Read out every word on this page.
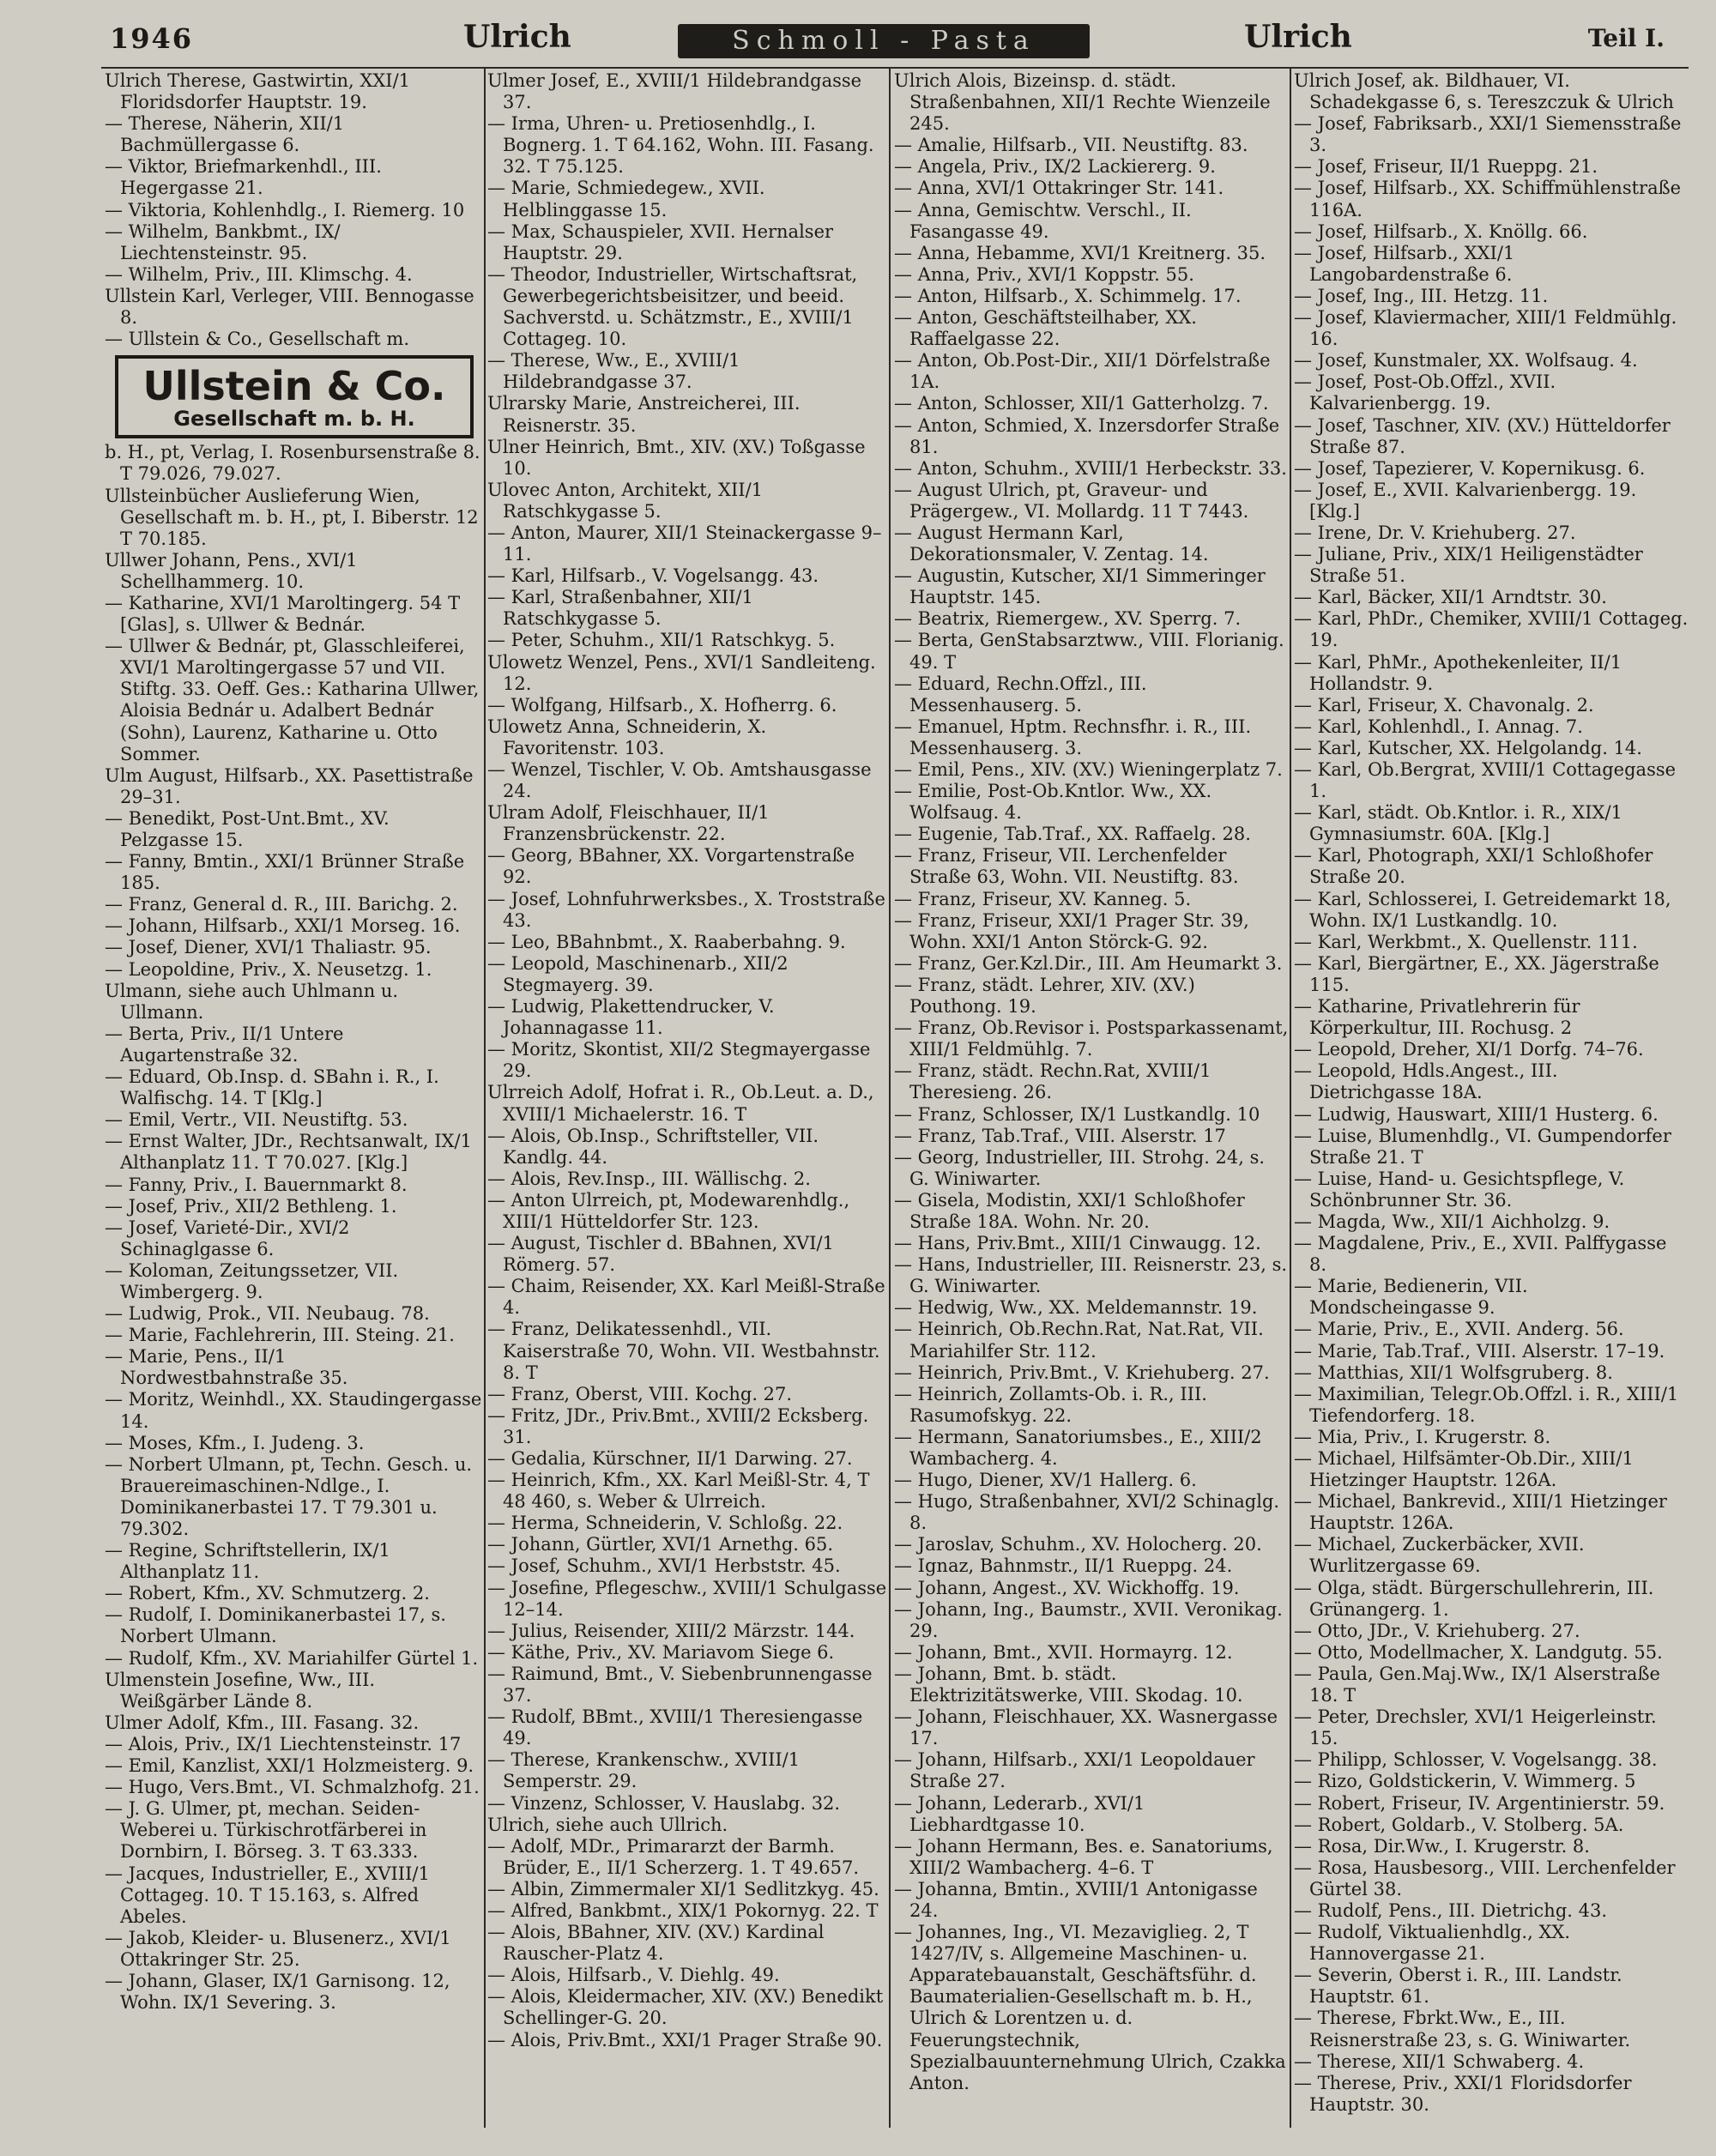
1946	Ulrich	Schmoll - Pasta	Ulrich	Teil I.
Ulrich Therese, Gastwirtin, XXI/1 Floridsdorfer Hauptstr. 19.
— Therese, Näherin, XII/1 Bachmüllergasse 6.
— Viktor, Briefmarkenhdl., III. Hegergasse 21.
— Viktoria, Kohlenhdlg., I. Riemerg. 10
— Wilhelm, Bankbmt., IX/ Liechtensteinstr. 95.
— Wilhelm, Priv., III. Klimschg. 4.
Ullstein Karl, Verleger, VIII. Bennogasse 8.
— Ullstein & Co., Gesellschaft m.
Ullstein & Co.
Gesellschaft m. b. H.
b. H., pt, Verlag, I. Rosenbursenstraße 8. T 79.026, 79.027.
Ullsteinbücher Auslieferung Wien, Gesellschaft m. b. H., pt, I. Biberstr. 12 T 70.185.
Ullwer Johann, Pens., XVI/1 Schellhammerg. 10.
— Katharine, XVI/1 Maroltingerg. 54 T [Glas], s. Ullwer & Bednár.
— Ullwer & Bednár, pt, Glasschleiferei, XVI/1 Maroltingergasse 57 und VII. Stiftg. 33. Oeff. Ges.: Katharina Ullwer, Aloisia Bednár u. Adalbert Bednár (Sohn), Laurenz, Katharine u. Otto Sommer.
Ulm August, Hilfsarb., XX. Pasettistraße 29–31.
— Benedikt, Post-Unt.Bmt., XV. Pelzgasse 15.
— Fanny, Bmtin., XXI/1 Brünner Straße 185.
— Franz, General d. R., III. Barichg. 2.
— Johann, Hilfsarb., XXI/1 Morseg. 16.
— Josef, Diener, XVI/1 Thaliastr. 95.
— Leopoldine, Priv., X. Neusetzg. 1.
Ulmann, siehe auch Uhlmann u. Ullmann.
— Berta, Priv., II/1 Untere Augartenstraße 32.
— Eduard, Ob.Insp. d. SBahn i. R., I. Walfischg. 14. T [Klg.]
— Emil, Vertr., VII. Neustiftg. 53.
— Ernst Walter, JDr., Rechtsanwalt, IX/1 Althanplatz 11. T 70.027. [Klg.]
— Fanny, Priv., I. Bauernmarkt 8.
— Josef, Priv., XII/2 Bethleng. 1.
— Josef, Varieté-Dir., XVI/2 Schinaglgasse 6.
— Koloman, Zeitungssetzer, VII. Wimbergerg. 9.
— Ludwig, Prok., VII. Neubaug. 78.
— Marie, Fachlehrerin, III. Steing. 21.
— Marie, Pens., II/1 Nordwestbahnstraße 35.
— Moritz, Weinhdl., XX. Staudingergasse 14.
— Moses, Kfm., I. Judeng. 3.
— Norbert Ulmann, pt, Techn. Gesch. u. Brauereimaschinen-Ndlge., I. Dominikanerbastei 17. T 79.301 u. 79.302.
— Regine, Schriftstellerin, IX/1 Althanplatz 11.
— Robert, Kfm., XV. Schmutzerg. 2.
— Rudolf, I. Dominikanerbastei 17, s. Norbert Ulmann.
— Rudolf, Kfm., XV. Mariahilfer Gürtel 1.
Ulmenstein Josefine, Ww., III. Weißgärber Lände 8.
Ulmer Adolf, Kfm., III. Fasang. 32.
— Alois, Priv., IX/1 Liechtensteinstr. 17
— Emil, Kanzlist, XXI/1 Holzmeisterg. 9.
— Hugo, Vers.Bmt., VI. Schmalzhofg. 21.
— J. G. Ulmer, pt, mechan. Seiden-Weberei u. Türkischrotfärberei in Dornbirn, I. Börseg. 3. T 63.333.
— Jacques, Industrieller, E., XVIII/1 Cottageg. 10. T 15.163, s. Alfred Abeles.
— Jakob, Kleider- u. Blusenerz., XVI/1 Ottakringer Str. 25.
— Johann, Glaser, IX/1 Garnisong. 12, Wohn. IX/1 Severing. 3.
Ulmer Josef, E., XVIII/1 Hildebrandgasse 37.
— Irma, Uhren- u. Pretiosenhdlg., I. Bognerg. 1. T 64.162, Wohn. III. Fasang. 32. T 75.125.
— Marie, Schmiedegew., XVII. Helblinggasse 15.
— Max, Schauspieler, XVII. Hernalser Hauptstr. 29.
— Theodor, Industrieller, Wirtschaftsrat, Gewerbegerichtsbeisitzer, und beeid. Sachverstd. u. Schätzmstr., E., XVIII/1 Cottageg. 10.
— Therese, Ww., E., XVIII/1 Hildebrandgasse 37.
Ulrarsky Marie, Anstreicherei, III. Reisnerstr. 35.
Ulner Heinrich, Bmt., XIV. (XV.) Toßgasse 10.
Ulovec Anton, Architekt, XII/1 Ratschkygasse 5.
— Anton, Maurer, XII/1 Steinackergasse 9–11.
— Karl, Hilfsarb., V. Vogelsangg. 43.
— Karl, Straßenbahner, XII/1 Ratschkygasse 5.
— Peter, Schuhm., XII/1 Ratschkyg. 5.
Ulowetz Wenzel, Pens., XVI/1 Sandleiteng. 12.
— Wolfgang, Hilfsarb., X. Hofherrg. 6.
Ulowetz Anna, Schneiderin, X. Favoritenstr. 103.
— Wenzel, Tischler, V. Ob. Amtshausgasse 24.
Ulram Adolf, Fleischhauer, II/1 Franzensbrückenstr. 22.
— Georg, BBahner, XX. Vorgartenstraße 92.
— Josef, Lohnfuhrwerksbes., X. Troststraße 43.
— Leo, BBahnbmt., X. Raaberbahng. 9.
— Leopold, Maschinenarb., XII/2 Stegmayerg. 39.
— Ludwig, Plakettendrucker, V. Johannagasse 11.
— Moritz, Skontist, XII/2 Stegmayergasse 29.
Ulrreich Adolf, Hofrat i. R., Ob.Leut. a. D., XVIII/1 Michaelerstr. 16. T
— Alois, Ob.Insp., Schriftsteller, VII. Kandlg. 44.
— Alois, Rev.Insp., III. Wällischg. 2.
— Anton Ulrreich, pt, Modewarenhdlg., XIII/1 Hütteldorfer Str. 123.
— August, Tischler d. BBahnen, XVI/1 Römerg. 57.
— Chaim, Reisender, XX. Karl Meißl-Straße 4.
— Franz, Delikatessenhdl., VII. Kaiserstraße 70, Wohn. VII. Westbahnstr. 8. T
— Franz, Oberst, VIII. Kochg. 27.
— Fritz, JDr., Priv.Bmt., XVIII/2 Ecksberg. 31.
— Gedalia, Kürschner, II/1 Darwing. 27.
— Heinrich, Kfm., XX. Karl Meißl-Str. 4, T 48 460, s. Weber & Ulrreich.
— Herma, Schneiderin, V. Schloßg. 22.
— Johann, Gürtler, XVI/1 Arnethg. 65.
— Josef, Schuhm., XVI/1 Herbststr. 45.
— Josefine, Pflegeschw., XVIII/1 Schulgasse 12–14.
— Julius, Reisender, XIII/2 Märzstr. 144.
— Käthe, Priv., XV. Mariavom Siege 6.
— Raimund, Bmt., V. Siebenbrunnengasse 37.
— Rudolf, BBmt., XVIII/1 Theresiengasse 49.
— Therese, Krankenschw., XVIII/1 Semperstr. 29.
— Vinzenz, Schlosser, V. Hauslabg. 32.
Ulrich, siehe auch Ullrich.
— Adolf, MDr., Primararzt der Barmh. Brüder, E., II/1 Scherzerg. 1. T 49.657.
— Albin, Zimmermaler XI/1 Sedlitzkyg. 45.
— Alfred, Bankbmt., XIX/1 Pokornyg. 22. T
— Alois, BBahner, XIV. (XV.) Kardinal Rauscher-Platz 4.
— Alois, Hilfsarb., V. Diehlg. 49.
— Alois, Kleidermacher, XIV. (XV.) Benedikt Schellinger-G. 20.
— Alois, Priv.Bmt., XXI/1 Prager Straße 90.
Ulrich Alois, Bizeinsp. d. städt. Straßenbahnen, XII/1 Rechte Wienzeile 245.
— Amalie, Hilfsarb., VII. Neustiftg. 83.
— Angela, Priv., IX/2 Lackiererg. 9.
— Anna, XVI/1 Ottakringer Str. 141.
— Anna, Gemischtw. Verschl., II. Fasangasse 49.
— Anna, Hebamme, XVI/1 Kreitnerg. 35.
— Anna, Priv., XVI/1 Koppstr. 55.
— Anton, Hilfsarb., X. Schimmelg. 17.
— Anton, Geschäftsteilhaber, XX. Raffaelgasse 22.
— Anton, Ob.Post-Dir., XII/1 Dörfelstraße 1A.
— Anton, Schlosser, XII/1 Gatterholzg. 7.
— Anton, Schmied, X. Inzersdorfer Straße 81.
— Anton, Schuhm., XVIII/1 Herbeckstr. 33.
— August Ulrich, pt, Graveur- und Prägergew., VI. Mollardg. 11 T 7443.
— August Hermann Karl, Dekorationsmaler, V. Zentag. 14.
— Augustin, Kutscher, XI/1 Simmeringer Hauptstr. 145.
— Beatrix, Riemergew., XV. Sperrg. 7.
— Berta, GenStabsarztww., VIII. Florianig. 49. T
— Eduard, Rechn.Offzl., III. Messenhauserg. 5.
— Emanuel, Hptm. Rechnsfhr. i. R., III. Messenhauserg. 3.
— Emil, Pens., XIV. (XV.) Wieningerplatz 7.
— Emilie, Post-Ob.Kntlor. Ww., XX. Wolfsaug. 4.
— Eugenie, Tab.Traf., XX. Raffaelg. 28.
— Franz, Friseur, VII. Lerchenfelder Straße 63, Wohn. VII. Neustiftg. 83.
— Franz, Friseur, XV. Kanneg. 5.
— Franz, Friseur, XXI/1 Prager Str. 39, Wohn. XXI/1 Anton Störck-G. 92.
— Franz, Ger.Kzl.Dir., III. Am Heumarkt 3.
— Franz, städt. Lehrer, XIV. (XV.) Pouthong. 19.
— Franz, Ob.Revisor i. Postsparkassenamt, XIII/1 Feldmühlg. 7.
— Franz, städt. Rechn.Rat, XVIII/1 Theresieng. 26.
— Franz, Schlosser, IX/1 Lustkandlg. 10
— Franz, Tab.Traf., VIII. Alserstr. 17
— Georg, Industrieller, III. Strohg. 24, s. G. Winiwarter.
— Gisela, Modistin, XXI/1 Schloßhofer Straße 18A. Wohn. Nr. 20.
— Hans, Priv.Bmt., XIII/1 Cinwaugg. 12.
— Hans, Industrieller, III. Reisnerstr. 23, s. G. Winiwarter.
— Hedwig, Ww., XX. Meldemannstr. 19.
— Heinrich, Ob.Rechn.Rat, Nat.Rat, VII. Mariahilfer Str. 112.
— Heinrich, Priv.Bmt., V. Kriehuberg. 27.
— Heinrich, Zollamts-Ob. i. R., III. Rasumofskyg. 22.
— Hermann, Sanatoriumsbes., E., XIII/2 Wambacherg. 4.
— Hugo, Diener, XV/1 Hallerg. 6.
— Hugo, Straßenbahner, XVI/2 Schinaglg. 8.
— Jaroslav, Schuhm., XV. Holocherg. 20.
— Ignaz, Bahnmstr., II/1 Rueppg. 24.
— Johann, Angest., XV. Wickhoffg. 19.
— Johann, Ing., Baumstr., XVII. Veronikag. 29.
— Johann, Bmt., XVII. Hormayrg. 12.
— Johann, Bmt. b. städt. Elektrizitätswerke, VIII. Skodag. 10.
— Johann, Fleischhauer, XX. Wasnergasse 17.
— Johann, Hilfsarb., XXI/1 Leopoldauer Straße 27.
— Johann, Lederarb., XVI/1 Liebhardtgasse 10.
— Johann Hermann, Bes. e. Sanatoriums, XIII/2 Wambacherg. 4–6. T
— Johanna, Bmtin., XVIII/1 Antonigasse 24.
— Johannes, Ing., VI. Mezaviglieg. 2, T 1427/IV, s. Allgemeine Maschinen- u. Apparatebauanstalt, Geschäftsführ. d. Baumaterialien-Gesellschaft m. b. H., Ulrich & Lorentzen u. d. Feuerungstechnik, Spezialbauunternehmung Ulrich, Czakka Anton.
Ulrich Josef, ak. Bildhauer, VI. Schadekgasse 6, s. Tereszczuk & Ulrich
— Josef, Fabriksarb., XXI/1 Siemensstraße 3.
— Josef, Friseur, II/1 Rueppg. 21.
— Josef, Hilfsarb., XX. Schiffmühlenstraße 116A.
— Josef, Hilfsarb., X. Knöllg. 66.
— Josef, Hilfsarb., XXI/1 Langobardenstraße 6.
— Josef, Ing., III. Hetzg. 11.
— Josef, Klaviermacher, XIII/1 Feldmühlg. 16.
— Josef, Kunstmaler, XX. Wolfsaug. 4.
— Josef, Post-Ob.Offzl., XVII. Kalvarienbergg. 19.
— Josef, Taschner, XIV. (XV.) Hütteldorfer Straße 87.
— Josef, Tapezierer, V. Kopernikusg. 6.
— Josef, E., XVII. Kalvarienbergg. 19. [Klg.]
— Irene, Dr. V. Kriehuberg. 27.
— Juliane, Priv., XIX/1 Heiligenstädter Straße 51.
— Karl, Bäcker, XII/1 Arndtstr. 30.
— Karl, PhDr., Chemiker, XVIII/1 Cottageg. 19.
— Karl, PhMr., Apothekenleiter, II/1 Hollandstr. 9.
— Karl, Friseur, X. Chavonalg. 2.
— Karl, Kohlenhdl., I. Annag. 7.
— Karl, Kutscher, XX. Helgolandg. 14.
— Karl, Ob.Bergrat, XVIII/1 Cottagegasse 1.
— Karl, städt. Ob.Kntlor. i. R., XIX/1 Gymnasiumstr. 60A. [Klg.]
— Karl, Photograph, XXI/1 Schloßhofer Straße 20.
— Karl, Schlosserei, I. Getreidemarkt 18, Wohn. IX/1 Lustkandlg. 10.
— Karl, Werkbmt., X. Quellenstr. 111.
— Karl, Biergärtner, E., XX. Jägerstraße 115.
— Katharine, Privatlehrerin für Körperkultur, III. Rochusg. 2
— Leopold, Dreher, XI/1 Dorfg. 74–76.
— Leopold, Hdls.Angest., III. Dietrichgasse 18A.
— Ludwig, Hauswart, XIII/1 Husterg. 6.
— Luise, Blumenhdlg., VI. Gumpendorfer Straße 21. T
— Luise, Hand- u. Gesichtspflege, V. Schönbrunner Str. 36.
— Magda, Ww., XII/1 Aichholzg. 9.
— Magdalene, Priv., E., XVII. Palffygasse 8.
— Marie, Bedienerin, VII. Mondscheingasse 9.
— Marie, Priv., E., XVII. Anderg. 56.
— Marie, Tab.Traf., VIII. Alserstr. 17–19.
— Matthias, XII/1 Wolfsgruberg. 8.
— Maximilian, Telegr.Ob.Offzl. i. R., XIII/1 Tiefendorferg. 18.
— Mia, Priv., I. Krugerstr. 8.
— Michael, Hilfsämter-Ob.Dir., XIII/1 Hietzinger Hauptstr. 126A.
— Michael, Bankrevid., XIII/1 Hietzinger Hauptstr. 126A.
— Michael, Zuckerbäcker, XVII. Wurlitzergasse 69.
— Olga, städt. Bürgerschullehrerin, III. Grünangerg. 1.
— Otto, JDr., V. Kriehuberg. 27.
— Otto, Modellmacher, X. Landgutg. 55.
— Paula, Gen.Maj.Ww., IX/1 Alserstraße 18. T
— Peter, Drechsler, XVI/1 Heigerleinstr. 15.
— Philipp, Schlosser, V. Vogelsangg. 38.
— Rizo, Goldstickerin, V. Wimmerg. 5
— Robert, Friseur, IV. Argentinierstr. 59.
— Robert, Goldarb., V. Stolberg. 5A.
— Rosa, Dir.Ww., I. Krugerstr. 8.
— Rosa, Hausbesorg., VIII. Lerchenfelder Gürtel 38.
— Rudolf, Pens., III. Dietrichg. 43.
— Rudolf, Viktualienhdlg., XX. Hannovergasse 21.
— Severin, Oberst i. R., III. Landstr. Hauptstr. 61.
— Therese, Fbrkt.Ww., E., III. Reisnerstraße 23, s. G. Winiwarter.
— Therese, XII/1 Schwaberg. 4.
— Therese, Priv., XXI/1 Floridsdorfer Hauptstr. 30.
